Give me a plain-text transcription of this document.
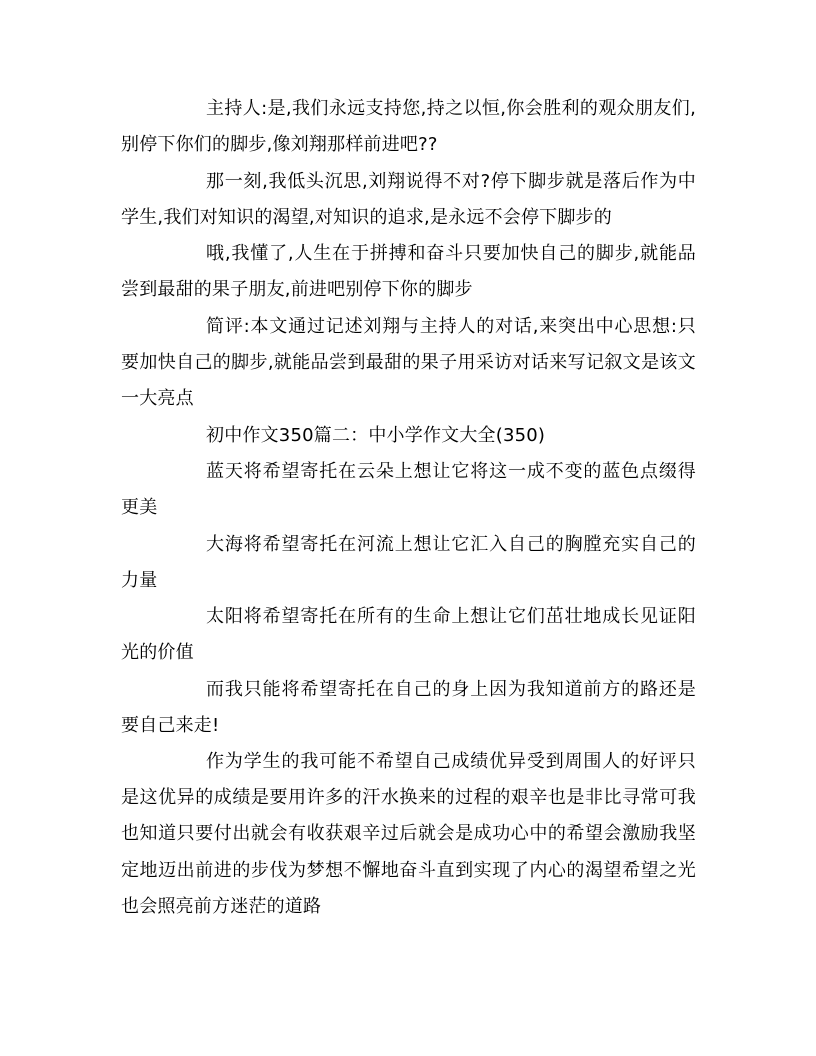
主持人:是,我们永远支持您,持之以恒,你会胜利的观众朋友们,别停下你们的脚步,像刘翔那样前进吧??

那一刻,我低头沉思,刘翔说得不对?停下脚步就是落后作为中学生,我们对知识的渴望,对知识的追求,是永远不会停下脚步的

哦,我懂了,人生在于拼搏和奋斗只要加快自己的脚步,就能品尝到最甜的果子朋友,前进吧别停下你的脚步

简评:本文通过记述刘翔与主持人的对话,来突出中心思想:只要加快自己的脚步,就能品尝到最甜的果子用采访对话来写记叙文是该文一大亮点

初中作文350篇二：中小学作文大全(350)

蓝天将希望寄托在云朵上想让它将这一成不变的蓝色点缀得更美

大海将希望寄托在河流上想让它汇入自己的胸膛充实自己的力量

太阳将希望寄托在所有的生命上想让它们茁壮地成长见证阳光的价值

而我只能将希望寄托在自己的身上因为我知道前方的路还是要自己来走!

作为学生的我可能不希望自己成绩优异受到周围人的好评只是这优异的成绩是要用许多的汗水换来的过程的艰辛也是非比寻常可我也知道只要付出就会有收获艰辛过后就会是成功心中的希望会激励我坚定地迈出前进的步伐为梦想不懈地奋斗直到实现了内心的渴望希望之光也会照亮前方迷茫的道路
